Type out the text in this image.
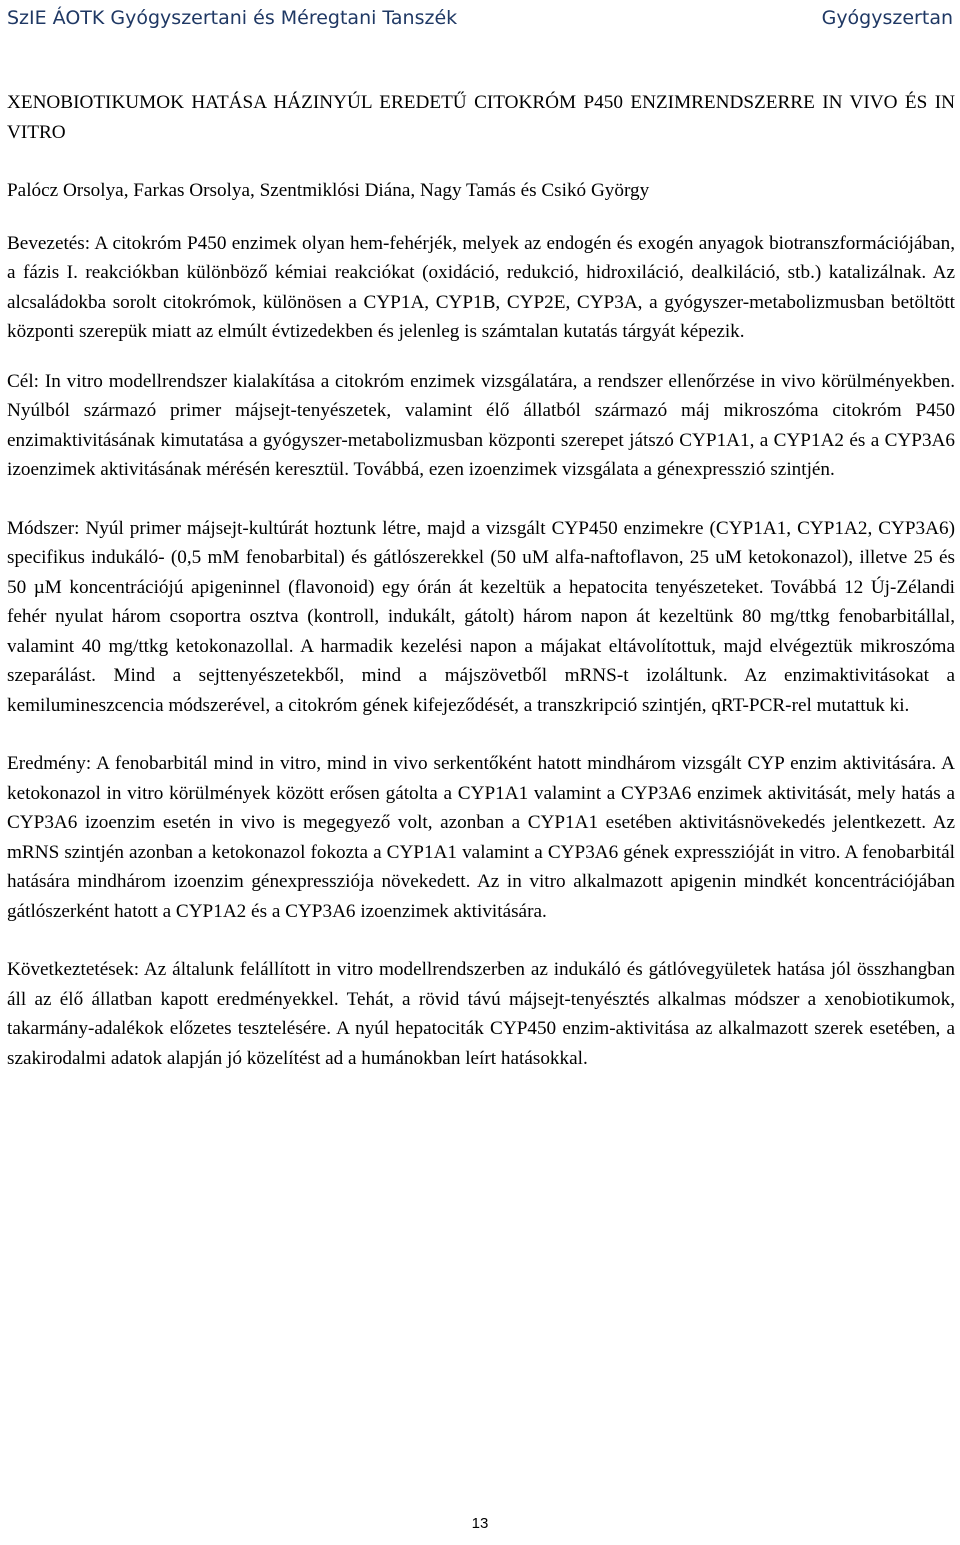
SzIE ÁOTK Gyógyszertani és Méregtani Tanszék	Gyógyszertan
XENOBIOTIKUMOK HATÁSA HÁZINYÚL EREDETŰ CITOKRÓM P450 ENZIMRENDSZERRE IN VIVO ÉS IN VITRO

Palócz Orsolya, Farkas Orsolya, Szentmiklósi Diána, Nagy Tamás és Csikó György

Bevezetés: A citokróm P450 enzimek olyan hem-fehérjék, melyek az endogén és exogén anyagok biotranszformációjában, a fázis I. reakciókban különböző kémiai reakciókat (oxidáció, redukció, hidroxiláció, dealkiláció, stb.) katalizálnak. Az alcsaládokba sorolt citokrómok, különösen a CYP1A, CYP1B, CYP2E, CYP3A, a gyógyszer-metabolizmusban betöltött központi szerepük miatt az elmúlt évtizedekben és jelenleg is számtalan kutatás tárgyát képezik.

Cél: In vitro modellrendszer kialakítása a citokróm enzimek vizsgálatára, a rendszer ellenőrzése in vivo körülményekben. Nyúlból származó primer májsejt-tenyészetek, valamint élő állatból származó máj mikroszóma citokróm P450 enzimaktivitásának kimutatása a gyógyszer-metabolizmusban központi szerepet játszó CYP1A1, a CYP1A2 és a CYP3A6 izoenzimek aktivitásának mérésén keresztül. Továbbá, ezen izoenzimek vizsgálata a génexpresszió szintjén.

Módszer: Nyúl primer májsejt-kultúrát hoztunk létre, majd a vizsgált CYP450 enzimekre (CYP1A1, CYP1A2, CYP3A6) specifikus indukáló- (0,5 mM fenobarbital) és gátlószerekkel (50 uM alfa-naftoflavon, 25 uM ketokonazol), illetve 25 és 50 µM koncentrációjú apigeninnel (flavonoid) egy órán át kezeltük a hepatocita tenyészeteket. Továbbá 12 Új-Zélandi fehér nyulat három csoportra osztva (kontroll, indukált, gátolt) három napon át kezeltünk 80 mg/ttkg fenobarbitállal, valamint 40 mg/ttkg ketokonazollal. A harmadik kezelési napon a májakat eltávolítottuk, majd elvégeztük mikroszóma szeparálást. Mind a sejttenyészetekből, mind a májszövetből mRNS-t izoláltunk. Az enzimaktivitásokat a kemilumineszcencia módszerével, a citokróm gének kifejeződését, a transzkripció szintjén, qRT-PCR-rel mutattuk ki.

Eredmény: A fenobarbitál mind in vitro, mind in vivo serkentőként hatott mindhárom vizsgált CYP enzim aktivitására. A ketokonazol in vitro körülmények között erősen gátolta a CYP1A1 valamint a CYP3A6 enzimek aktivitását, mely hatás a CYP3A6 izoenzim esetén in vivo is megegyező volt, azonban a CYP1A1 esetében aktivitásnövekedés jelentkezett. Az mRNS szintjén azonban a ketokonazol fokozta a CYP1A1 valamint a CYP3A6 gének expresszióját in vitro. A fenobarbitál hatására mindhárom izoenzim génexpressziója növekedett. Az in vitro alkalmazott apigenin mindkét koncentrációjában gátlószerként hatott a CYP1A2 és a CYP3A6 izoenzimek aktivitására.

Következtetések: Az általunk felállított in vitro modellrendszerben az indukáló és gátlóvegyületek hatása jól összhangban áll az élő állatban kapott eredményekkel. Tehát, a rövid távú májsejt-tenyésztés alkalmas módszer a xenobiotikumok, takarmány-adalékok előzetes tesztelésére. A nyúl hepatociták CYP450 enzim-aktivitása az alkalmazott szerek esetében, a szakirodalmi adatok alapján jó közelítést ad a humánokban leírt hatásokkal.

13
